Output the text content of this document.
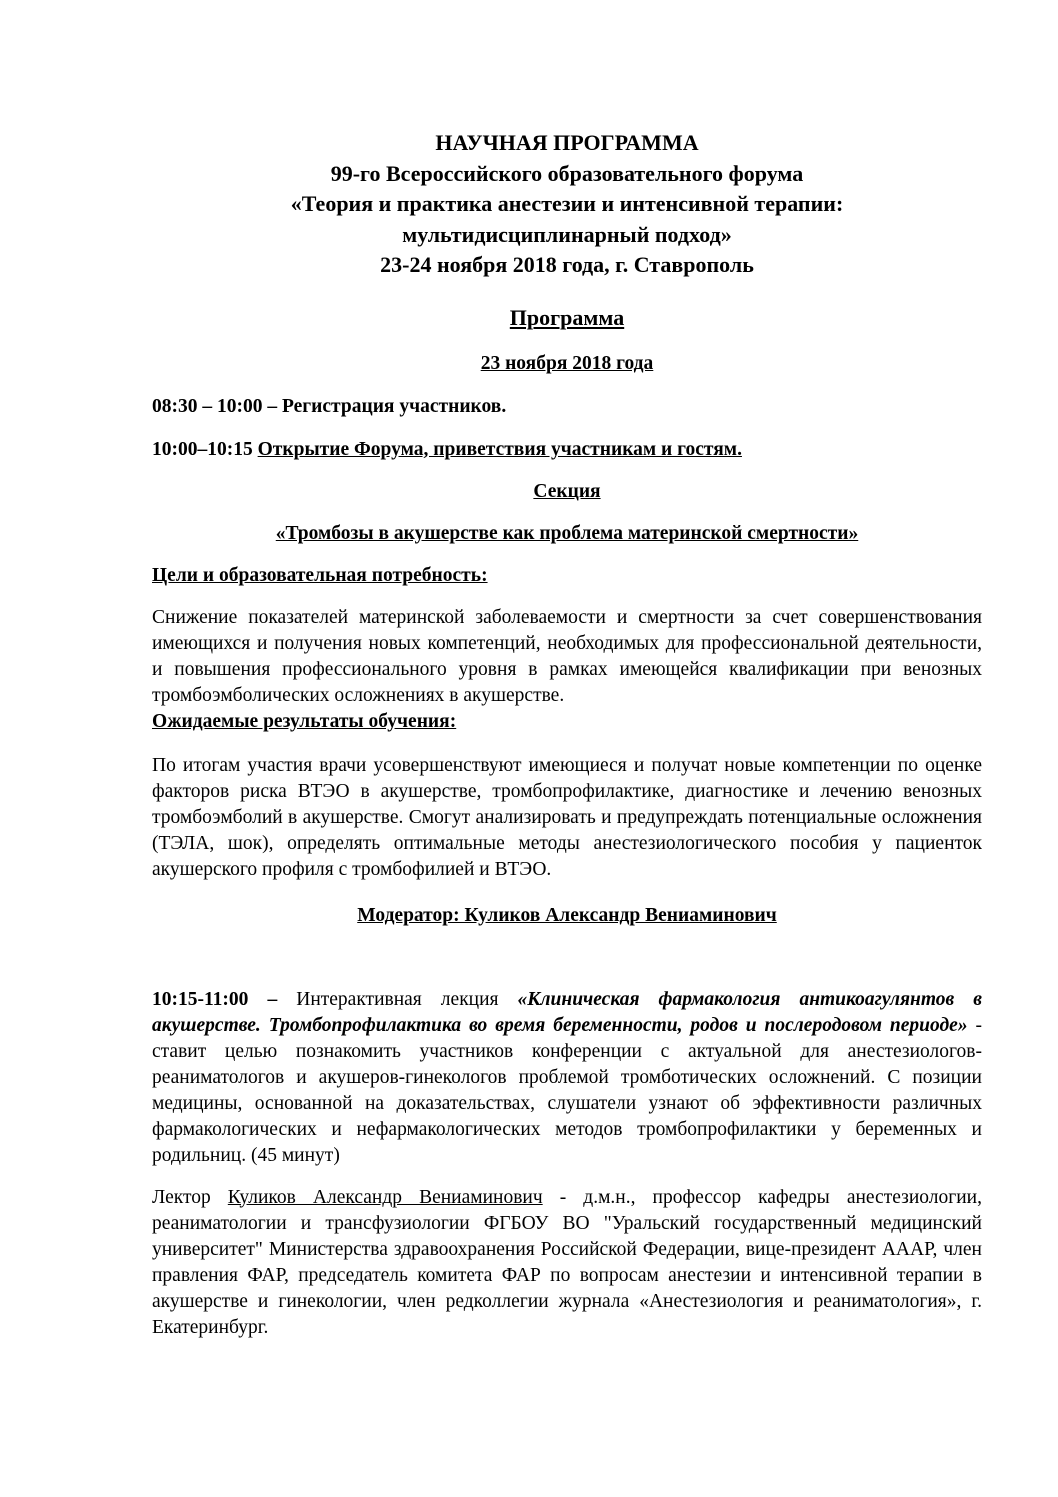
НАУЧНАЯ ПРОГРАММА
99-го Всероссийского образовательного форума
«Теория и практика анестезии и интенсивной терапии:
мультидисциплинарный подход»
23-24 ноября 2018 года, г. Ставрополь

Программа

23 ноября 2018 года

08:30 – 10:00 – Регистрация участников.

10:00–10:15 Открытие Форума, приветствия участникам и гостям.

Секция

«Тромбозы в акушерстве как проблема материнской смертности»

Цели и образовательная потребность:

Снижение показателей материнской заболеваемости и смертности за счет совершенствования имеющихся и получения новых компетенций, необходимых для профессиональной деятельности, и повышения профессионального уровня в рамках имеющейся квалификации при венозных тромбоэмболических осложнениях в акушерстве.

Ожидаемые результаты обучения:

По итогам участия врачи усовершенствуют имеющиеся и получат новые компетенции по оценке факторов риска ВТЭО в акушерстве, тромбопрофилактике, диагностике и лечению венозных тромбоэмболий в акушерстве. Смогут анализировать и предупреждать потенциальные осложнения (ТЭЛА, шок), определять оптимальные методы анестезиологического пособия у пациенток акушерского профиля с тромбофилией и ВТЭО.

Модератор: Куликов Александр Вениаминович

10:15-11:00 – Интерактивная лекция «Клиническая фармакология антикоагулянтов в акушерстве. Тромбопрофилактика во время беременности, родов и послеродовом периоде» - ставит целью познакомить участников конференции с актуальной для анестезиологов-реаниматологов и акушеров-гинекологов проблемой тромботических осложнений. С позиции медицины, основанной на доказательствах, слушатели узнают об эффективности различных фармакологических и нефармакологических методов тромбопрофилактики у беременных и родильниц. (45 минут)

Лектор Куликов Александр Вениаминович - д.м.н., профессор кафедры анестезиологии, реаниматологии и трансфузиологии ФГБОУ ВО "Уральский государственный медицинский университет" Министерства здравоохранения Российской Федерации, вице-президент АААР, член правления ФАР, председатель комитета ФАР по вопросам анестезии и интенсивной терапии в акушерстве и гинекологии, член редколлегии журнала «Анестезиология и реаниматология», г. Екатеринбург.
